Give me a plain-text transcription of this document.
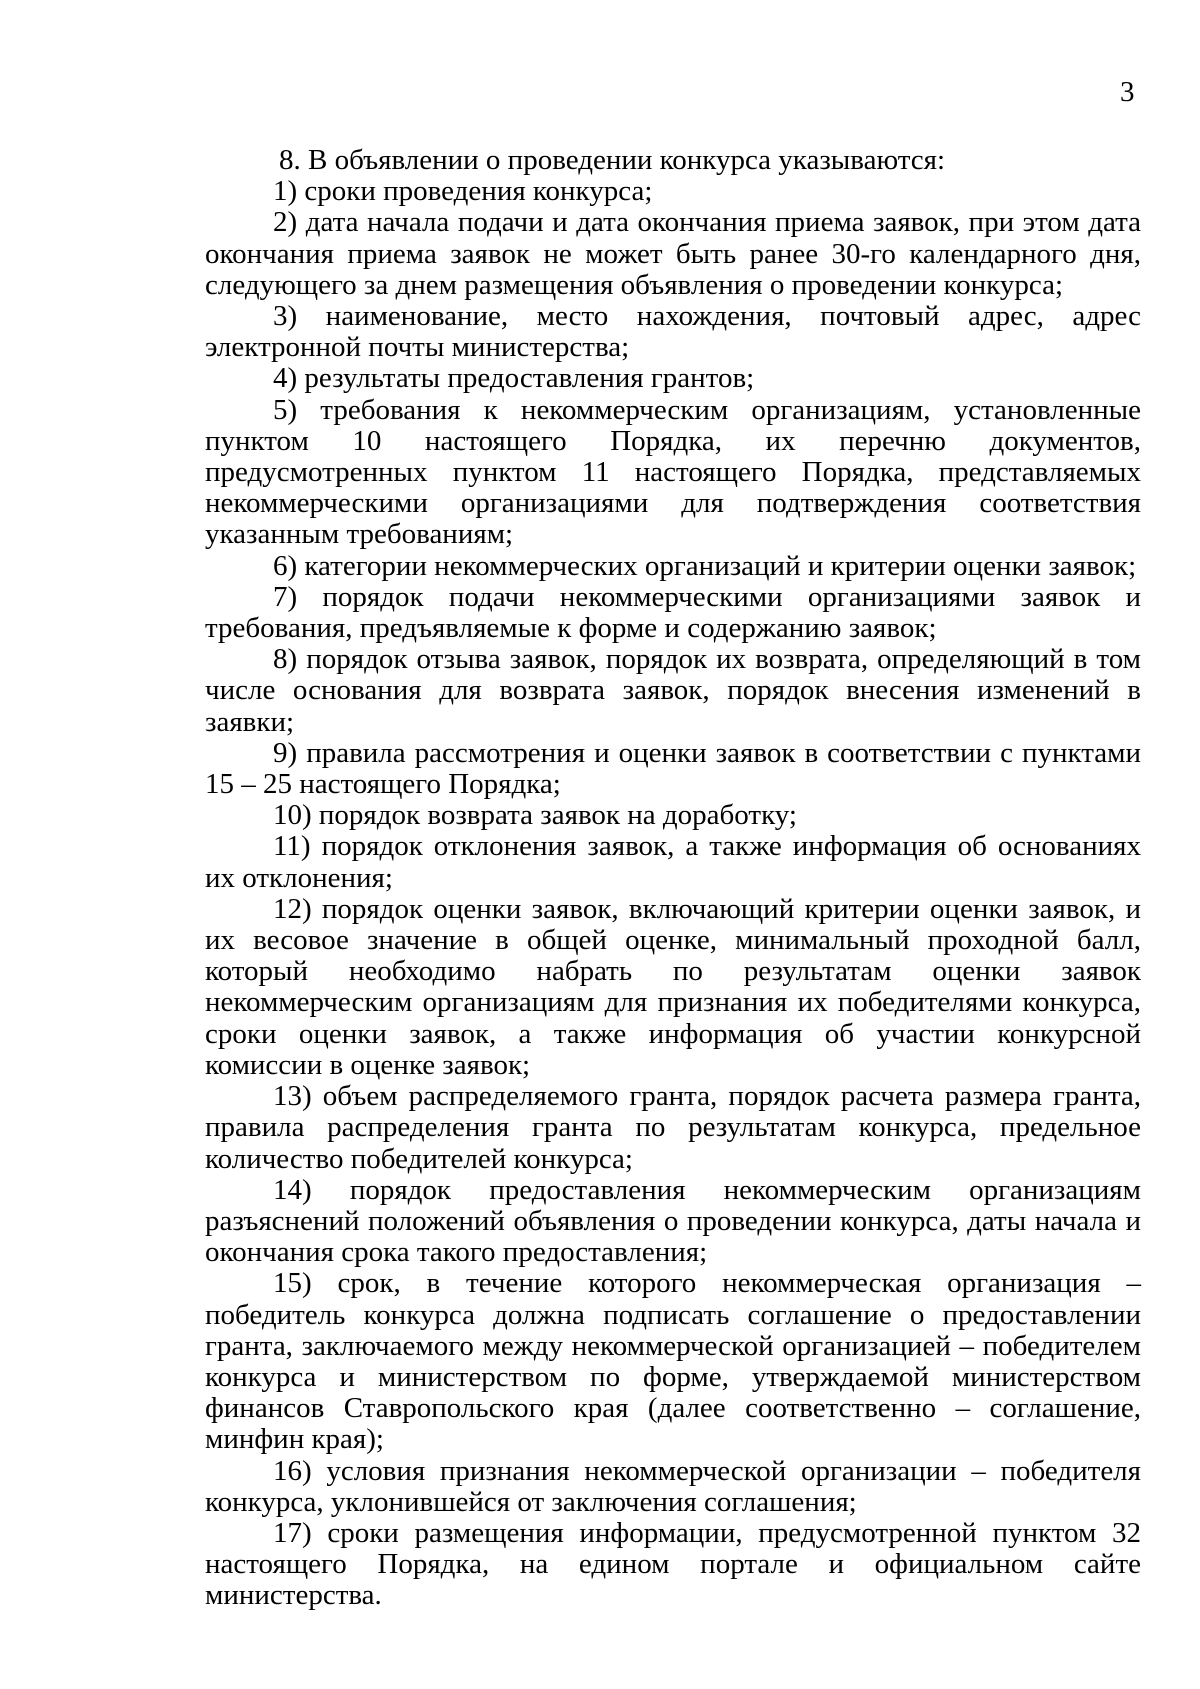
3

8. В объявлении о проведении конкурса указываются:

1) сроки проведения конкурса;

2) дата начала подачи и дата окончания приема заявок, при этом дата окончания приема заявок не может быть ранее 30-го календарного дня, следующего за днем размещения объявления о проведении конкурса;

3) наименование, место нахождения, почтовый адрес, адрес электронной почты министерства;

4) результаты предоставления грантов;

5) требования к некоммерческим организациям, установленные пунктом 10 настоящего Порядка, их перечню документов, предусмотренных пунктом 11 настоящего Порядка, представляемых некоммерческими организациями для подтверждения соответствия указанным требованиям;

6) категории некоммерческих организаций и критерии оценки заявок;

7) порядок подачи некоммерческими организациями заявок и требования, предъявляемые к форме и содержанию заявок;

8) порядок отзыва заявок, порядок их возврата, определяющий в том числе основания для возврата заявок, порядок внесения изменений в заявки;

9) правила рассмотрения и оценки заявок в соответствии с пунктами 15 – 25 настоящего Порядка;

10) порядок возврата заявок на доработку;

11) порядок отклонения заявок, а также информация об основаниях их отклонения;

12) порядок оценки заявок, включающий критерии оценки заявок, и их весовое значение в общей оценке, минимальный проходной балл, который необходимо набрать по результатам оценки заявок некоммерческим организациям для признания их победителями конкурса, сроки оценки заявок, а также информация об участии конкурсной комиссии в оценке заявок;

13) объем распределяемого гранта, порядок расчета размера гранта, правила распределения гранта по результатам конкурса, предельное количество победителей конкурса;

14) порядок предоставления некоммерческим организациям разъяснений положений объявления о проведении конкурса, даты начала и окончания срока такого предоставления;

15) срок, в течение которого некоммерческая организация – победитель конкурса должна подписать соглашение о предоставлении гранта, заключаемого между некоммерческой организацией – победителем конкурса и министерством по форме, утверждаемой министерством финансов Ставропольского края (далее соответственно – соглашение, минфин края);

16) условия признания некоммерческой организации – победителя конкурса, уклонившейся от заключения соглашения;

17) сроки размещения информации, предусмотренной пунктом 32 настоящего Порядка, на едином портале и официальном сайте министерства.
